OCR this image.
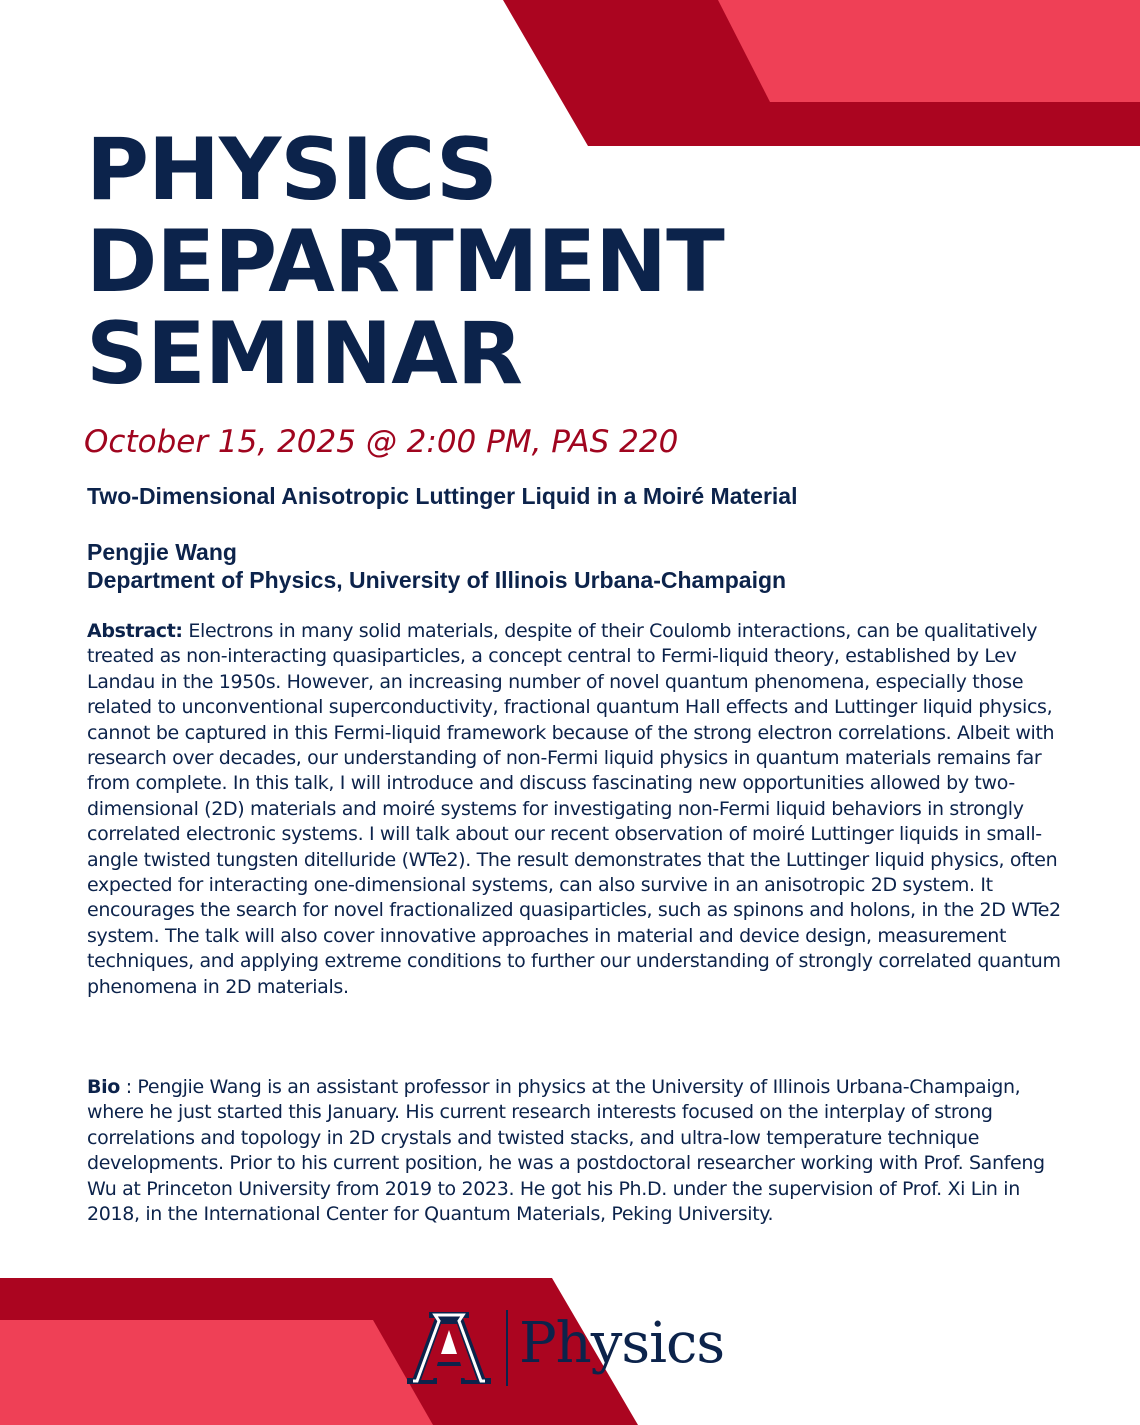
PHYSICS
DEPARTMENT
SEMINAR
October 15, 2025 @ 2:00 PM, PAS 220
Two-Dimensional Anisotropic Luttinger Liquid in a Moiré Material
Pengjie Wang
Department of Physics, University of Illinois Urbana-Champaign

Abstract: Electrons in many solid materials, despite of their Coulomb interactions, can be qualitatively treated as non-interacting quasiparticles, a concept central to Fermi-liquid theory, established by Lev Landau in the 1950s. However, an increasing number of novel quantum phenomena, especially those related to unconventional superconductivity, fractional quantum Hall effects and Luttinger liquid physics, cannot be captured in this Fermi-liquid framework because of the strong electron correlations. Albeit with research over decades, our understanding of non-Fermi liquid physics in quantum materials remains far from complete. In this talk, I will introduce and discuss fascinating new opportunities allowed by two-dimensional (2D) materials and moiré systems for investigating non-Fermi liquid behaviors in strongly correlated electronic systems. I will talk about our recent observation of moiré Luttinger liquids in small-angle twisted tungsten ditelluride (WTe2). The result demonstrates that the Luttinger liquid physics, often expected for interacting one-dimensional systems, can also survive in an anisotropic 2D system. It encourages the search for novel fractionalized quasiparticles, such as spinons and holons, in the 2D WTe2 system. The talk will also cover innovative approaches in material and device design, measurement techniques, and applying extreme conditions to further our understanding of strongly correlated quantum phenomena in 2D materials.

Bio : Pengjie Wang is an assistant professor in physics at the University of Illinois Urbana-Champaign, where he just started this January. His current research interests focused on the interplay of strong correlations and topology in 2D crystals and twisted stacks, and ultra-low temperature technique developments. Prior to his current position, he was a postdoctoral researcher working with Prof. Sanfeng Wu at Princeton University from 2019 to 2023. He got his Ph.D. under the supervision of Prof. Xi Lin in 2018, in the International Center for Quantum Materials, Peking University.

Physics
